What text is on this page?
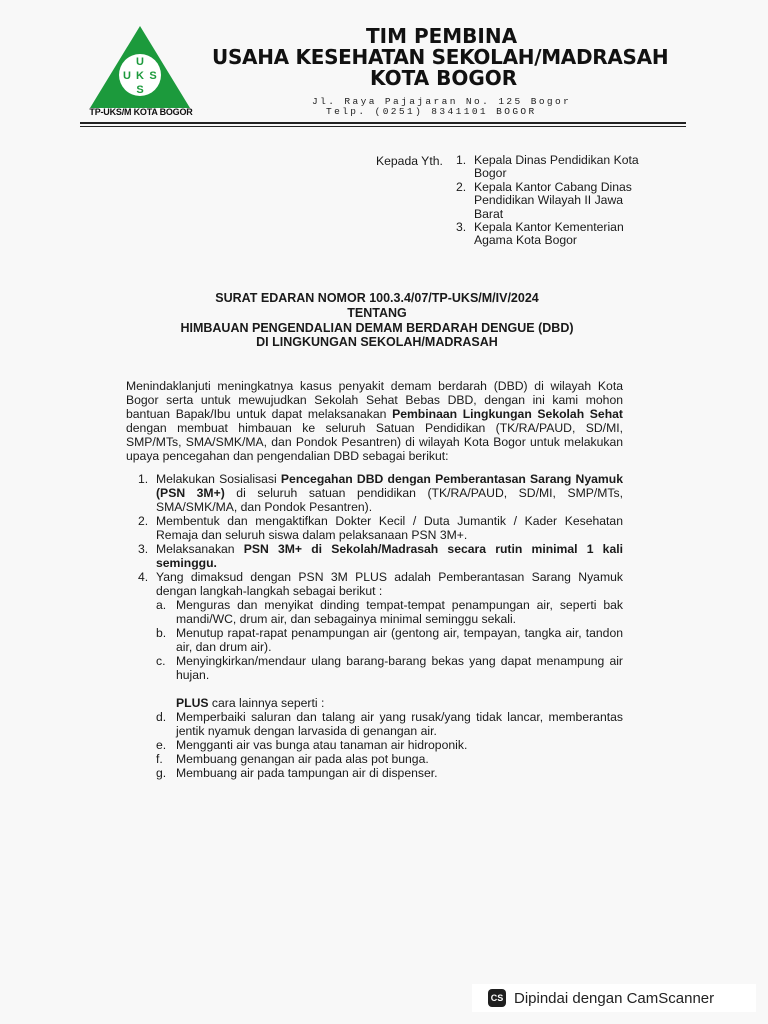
U
U K S
S
TP-UKS/M KOTA BOGOR
TIM PEMBINA
USAHA KESEHATAN SEKOLAH/MADRASAH
KOTA BOGOR
Jl. Raya Pajajaran No. 125 Bogor
Telp. (0251) 8341101 BOGOR
Kepada Yth. 1. Kepala Dinas Pendidikan Kota Bogor
2. Kepala Kantor Cabang Dinas Pendidikan Wilayah II Jawa Barat
3. Kepala Kantor Kementerian Agama Kota Bogor
SURAT EDARAN NOMOR 100.3.4/07/TP-UKS/M/IV/2024
TENTANG
HIMBAUAN PENGENDALIAN DEMAM BERDARAH DENGUE (DBD)
DI LINGKUNGAN SEKOLAH/MADRASAH
Menindaklanjuti meningkatnya kasus penyakit demam berdarah (DBD) di wilayah Kota Bogor serta untuk mewujudkan Sekolah Sehat Bebas DBD, dengan ini kami mohon bantuan Bapak/Ibu untuk dapat melaksanakan Pembinaan Lingkungan Sekolah Sehat dengan membuat himbauan ke seluruh Satuan Pendidikan (TK/RA/PAUD, SD/MI, SMP/MTs, SMA/SMK/MA, dan Pondok Pesantren) di wilayah Kota Bogor untuk melakukan upaya pencegahan dan pengendalian DBD sebagai berikut:
1. Melakukan Sosialisasi Pencegahan DBD dengan Pemberantasan Sarang Nyamuk (PSN 3M+) di seluruh satuan pendidikan (TK/RA/PAUD, SD/MI, SMP/MTs, SMA/SMK/MA, dan Pondok Pesantren).
2. Membentuk dan mengaktifkan Dokter Kecil / Duta Jumantik / Kader Kesehatan Remaja dan seluruh siswa dalam pelaksanaan PSN 3M+.
3. Melaksanakan PSN 3M+ di Sekolah/Madrasah secara rutin minimal 1 kali seminggu.
4. Yang dimaksud dengan PSN 3M PLUS adalah Pemberantasan Sarang Nyamuk dengan langkah-langkah sebagai berikut :
a. Menguras dan menyikat dinding tempat-tempat penampungan air, seperti bak mandi/WC, drum air, dan sebagainya minimal seminggu sekali.
b. Menutup rapat-rapat penampungan air (gentong air, tempayan, tangka air, tandon air, dan drum air).
c. Menyingkirkan/mendaur ulang barang-barang bekas yang dapat menampung air hujan.
PLUS cara lainnya seperti :
d. Memperbaiki saluran dan talang air yang rusak/yang tidak lancar, memberantas jentik nyamuk dengan larvasida di genangan air.
e. Mengganti air vas bunga atau tanaman air hidroponik.
f.	Membuang genangan air pada alas pot bunga.
g. Membuang air pada tampungan air di dispenser.
CS Dipindai dengan CamScanner
